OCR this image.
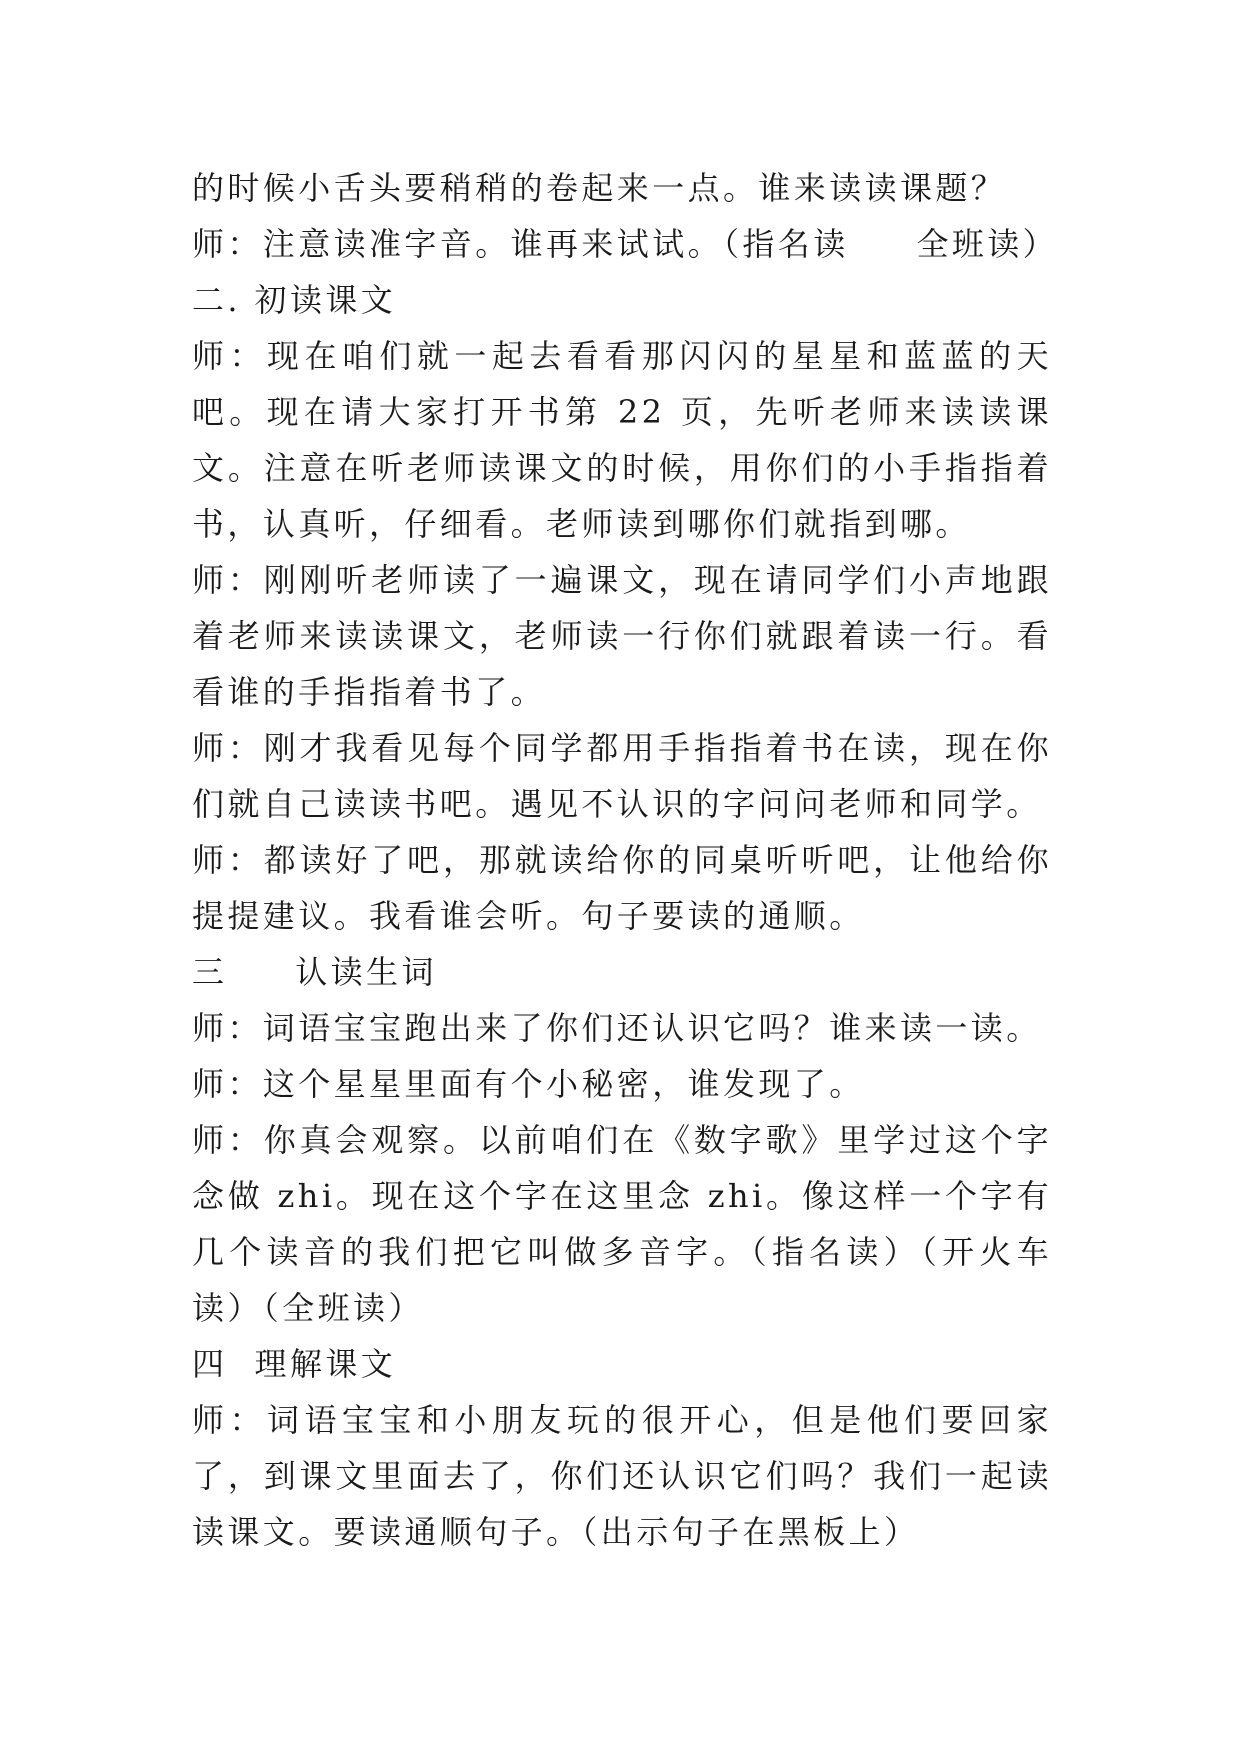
的时候小舌头要稍稍的卷起来一点。谁来读读课题？

师：注意读准字音。谁再来试试。（指名读     全班读）

二. 初读课文

师：现在咱们就一起去看看那闪闪的星星和蓝蓝的天吧。现在请大家打开书第 22 页，先听老师来读读课文。注意在听老师读课文的时候，用你们的小手指指着书，认真听，仔细看。老师读到哪你们就指到哪。

师：刚刚听老师读了一遍课文，现在请同学们小声地跟着老师来读读课文，老师读一行你们就跟着读一行。看看谁的手指指着书了。

师：刚才我看见每个同学都用手指指着书在读，现在你们就自己读读书吧。遇见不认识的字问问老师和同学。

师：都读好了吧，那就读给你的同桌听听吧，让他给你提提建议。我看谁会听。句子要读的通顺。

三     认读生词

师：词语宝宝跑出来了你们还认识它吗？谁来读一读。

师：这个星星里面有个小秘密，谁发现了。

师：你真会观察。以前咱们在《数字歌》里学过这个字念做 zhi。现在这个字在这里念 zhi。像这样一个字有几个读音的我们把它叫做多音字。（指名读）（开火车读）（全班读）

四  理解课文

师：词语宝宝和小朋友玩的很开心，但是他们要回家了，到课文里面去了，你们还认识它们吗？我们一起读读课文。要读通顺句子。（出示句子在黑板上）
